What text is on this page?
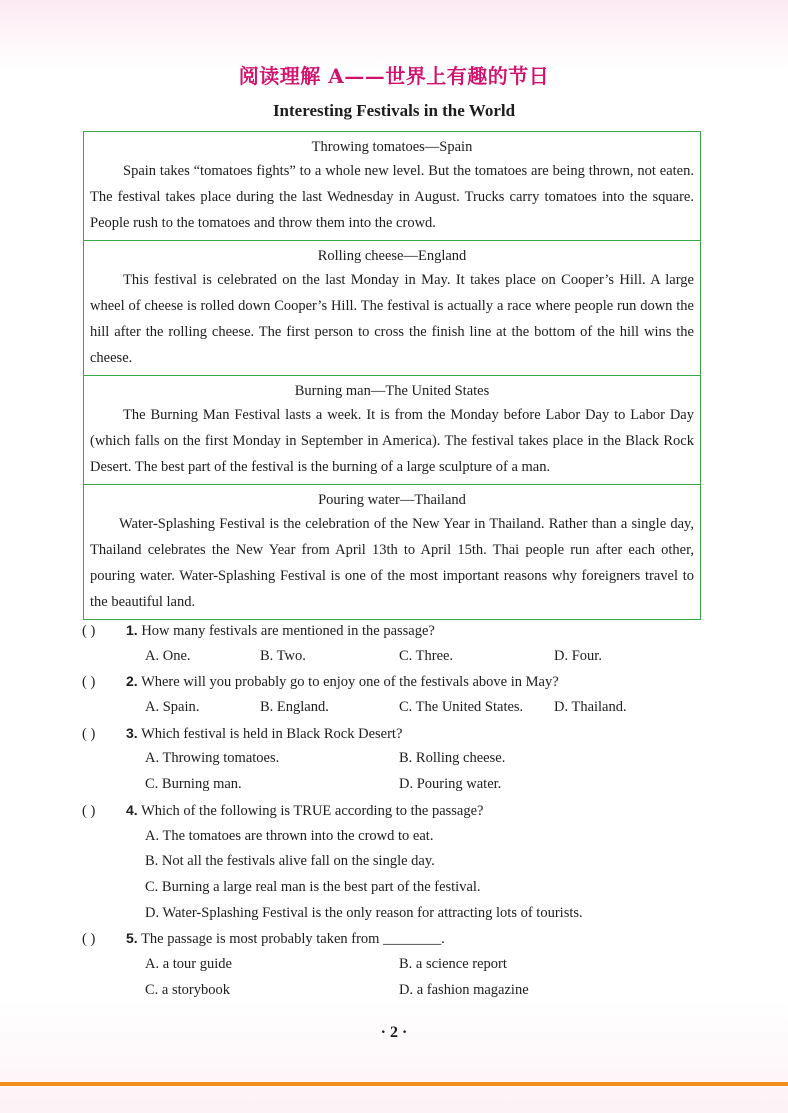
阅读理解 A——世界上有趣的节日
Interesting Festivals in the World
Throwing tomatoes—Spain

Spain takes “tomatoes fights” to a whole new level. But the tomatoes are being thrown, not eaten. The festival takes place during the last Wednesday in August. Trucks carry tomatoes into the square. People rush to the tomatoes and throw them into the crowd.

Rolling cheese—England

This festival is celebrated on the last Monday in May. It takes place on Cooper’s Hill. A large wheel of cheese is rolled down Cooper’s Hill. The festival is actually a race where people run down the hill after the rolling cheese. The first person to cross the finish line at the bottom of the hill wins the cheese.

Burning man—The United States

The Burning Man Festival lasts a week. It is from the Monday before Labor Day to Labor Day (which falls on the first Monday in September in America). The festival takes place in the Black Rock Desert. The best part of the festival is the burning of a large sculpture of a man.

Pouring water—Thailand

Water-Splashing Festival is the celebration of the New Year in Thailand. Rather than a single day, Thailand celebrates the New Year from April 13th to April 15th. Thai people run after each other, pouring water. Water-Splashing Festival is one of the most important reasons why foreigners travel to the beautiful land.

( ) 1. How many festivals are mentioned in the passage?
A. One.	B. Two.	C. Three.	D. Four.
( ) 2. Where will you probably go to enjoy one of the festivals above in May?
A. Spain.	B. England.	C. The United States. D. Thailand.
( ) 3. Which festival is held in Black Rock Desert?
A. Throwing tomatoes.	B. Rolling cheese.
C. Burning man.	D. Pouring water.
( ) 4. Which of the following is TRUE according to the passage?
A. The tomatoes are thrown into the crowd to eat.
B. Not all the festivals alive fall on the single day.
C. Burning a large real man is the best part of the festival.
D. Water-Splashing Festival is the only reason for attracting lots of tourists.
( ) 5. The passage is most probably taken from ________.
A. a tour guide	B. a science report
C. a storybook	D. a fashion magazine
· 2 ·
